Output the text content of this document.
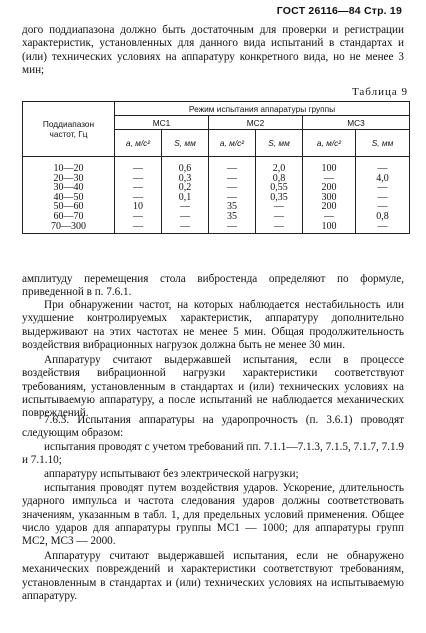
ГОСТ 26116—84 Стр. 19

дого поддиапазона должно быть достаточным для проверки и регистрации характеристик, установленных для данного вида испытаний в стандартах и (или) технических условиях на аппаратуру конкретного вида, но не менее 3 мин;

Таблица 9
Поддиапазон частот, Гц	Режим испытания аппаратуры группы					
	МС1		МС2		МС3	
	a, м/с²	S, мм	a, м/с²	S, мм	a, м/с²	S, мм
10—20	—	0,6	—	2,0	100	—
20—30	—	0,3	—	0,8	—	4,0
30—40	—	0,2	—	0,55	200	—
40—50	—	0,1	—	0,35	300	—
50—60	10	—	35	—	200	—
60—70	—	—	35	—	—	0,8
70—300	—	—	—	—	100	—

амплитуду перемещения стола вибростенда определяют по формуле, приведенной в п. 7.6.1.

При обнаружении частот, на которых наблюдается нестабильность или ухудшение контролируемых характеристик, аппаратуру дополнительно выдерживают на этих частотах не менее 5 мин. Общая продолжительность воздействия вибрационных нагрузок должна быть не менее 30 мин.

Аппаратуру считают выдержавшей испытания, если в процессе воздействия вибрационной нагрузки характеристики соответствуют требованиям, установленным в стандартах и (или) технических условиях на испытываемую аппаратуру, а после испытаний не наблюдается механических повреждений.

7.6.3. Испытания аппаратуры на ударопрочность (п. 3.6.1) проводят следующим образом:

испытания проводят с учетом требований пп. 7.1.1—7.1.3, 7.1.5, 7.1.7, 7.1.9 и 7.1.10;

аппаратуру испытывают без электрической нагрузки;

испытания проводят путем воздействия ударов. Ускорение, длительность ударного импульса и частота следования ударов должны соответствовать значениям, указанным в табл. 1, для предельных условий применения. Общее число ударов для аппаратуры группы МС1 — 1000; для аппаратуры групп МС2, МС3 — 2000.

Аппаратуру считают выдержавшей испытания, если не обнаружено механических повреждений и характеристики соответствуют требованиям, установленным в стандартах и (или) технических условиях на испытываемую аппаратуру.
